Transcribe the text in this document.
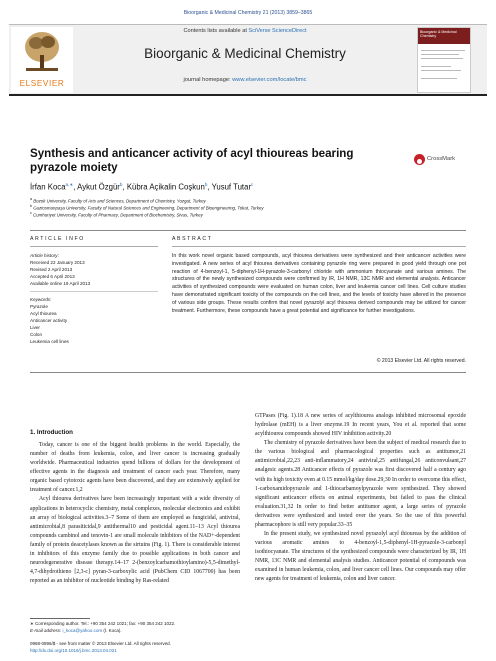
Bioorganic & Medicinal Chemistry 21 (2013) 3859–3865
ELSEVIER
Contents lists available at SciVerse ScienceDirect
Bioorganic & Medicinal Chemistry
journal homepage: www.elsevier.com/locate/bmc
Bioorganic & Medicinal Chemistry
Synthesis and anticancer activity of acyl thioureas bearing pyrazole moiety
CrossMark
İrfan Koca$^{a,∗}$, Aykut Özgür$^b$, Kübra Açikalin Coşkun$^b$, Yusuf Tutar$^c$
$^a$ Bozok University, Faculty of Arts and Sciences, Department of Chemistry, Yozgat, Turkey
$^b$ Gaziosmanpaşa University, Faculty of Natural Sciences and Engineering, Department of Bioengineering, Tokat, Turkey
$^c$ Cumhuriyet University, Faculty of Pharmacy, Department of Biochemistry, Sivas, Turkey
ARTICLE INFO	ABSTRACT
Article history:
Received 22 January 2013
Revised 2 April 2013
Accepted 6 April 2013
Available online 19 April 2013
Keywords:
Pyrazole
Acyl thiourea
Anticancer activity
Liver
Colon
Leukemia cell lines
In this work novel organic based compounds, acyl thiourea derivatives were synthesized and their anticancer activities were investigated. A new series of acyl thiourea derivatives containing pyrazole ring were prepared in good yield through one pot reaction of 4-benzoyl-1, 5-diphenyl-1H-pyrazole-3-carbonyl chloride with ammonium thiocyanate and various amines. The structures of the newly synthesized compounds were confirmed by IR, 1H NMR, 13C NMR and elemental analysis. Anticancer activities of synthesized compounds were evaluated on human colon, liver and leukemia cancer cell lines. Cell culture studies have demonstrated significant toxicity of the compounds on the cell lines, and the levels of toxicity have altered in the presence of various side groups. These results confirm that novel pyrazolyl acyl thiourea derived compounds may be utilized for cancer treatment. Furthermore, these compounds have a great potential and significance for further investigations.
© 2013 Elsevier Ltd. All rights reserved.
1. Introduction

Today, cancer is one of the biggest health problems in the world. Especially, the number of deaths from leukemia, colon, and liver cancer is increasing gradually worldwide. Pharmaceutical industries spend billions of dollars for the development of effective agents in the diagnosis and treatment of cancer each year. Therefore, many organic based cytotoxic agents have been discovered, and they are extensively applied for treatment of cancer.1,2

Acyl thiourea derivatives have been increasingly important with a wide diversity of applications in heterocyclic chemistry, metal complexes, molecular electronics and exhibit an array of biological activities.3–7 Some of them are employed as fungicidal, antiviral, antimicrobial,8 parasiticidal,9 antithermal10 and pesticidal agent.11–13 Acyl thiourea compounds cambinol and tenovin-1 are small molecule inhibitors of the NAD+-dependent family of protein deacetylases known as the sirtuins (Fig. 1). There is considerable interest in inhibitors of this enzyme family due to possible applications in both cancer and neurodegenerative disease therapy.14–17 2-(benzoylcarbamothioylamino)-5,5-dimethyl-4,7-dihydrothieno [2,3-c] pyran-3-carboxylic acid (PubChem CID 1067700) has been reported as an inhibitor of nucleotide binding by Ras-related

GTPases (Fig. 1).18 A new series of acylthiourea analogs inhibited microsomal epoxide hydrolase (mEH) is a liver enzyme.19 In recent years, You et al. reported that some acylthiourea compounds showed HIV inhibition activity.20

The chemistry of pyrazole derivatives have been the subject of medical research due to the various biological and pharmacological properties such as antitumor,21 antimicrobial,22,23 anti-inflammatory,24 antiviral,25 antifungal,26 anticonvulsant,27 analgesic agents.28 Anticancer effects of pyrazole was first discovered half a century ago with its high toxicity even at 0.15 mmol/kg/day dose.29,30 In order to overcome this effect, 1-carboxamidopyrazole and 1-thiocarbamoylpyrazole were synthesized. They showed significant anticancer effects on animal experiments, but failed to pass the clinical evaluation.31,32 In order to find better antitumor agent, a large series of pyrazole derivatives were synthesized and tested over the years. So the use of this powerful pharmacophore is still very popular.33–35

In the present study, we synthesized novel pyrazolyl acyl thioureas by the addition of various aromatic amines to 4-benzoyl-1,5-diphenyl-1H-pyrazole-3-carbonyl isothiocyanate. The structures of the synthesized compounds were characterized by IR, 1H NMR, 13C NMR and elemental analysis studies. Anticancer potential of compounds was examined in human leukemia, colon, and liver cancer cell lines. Our compounds may offer new agents for treatment of leukemia, colon and liver cancer.

∗ Corresponding author. Tel.: +90 354 242 1021; fax: +90 354 242 1022.
E-mail address: i_koca@yahoo.com (İ. Koca).
0968-0896/$ - see front matter © 2013 Elsevier Ltd. All rights reserved.
http://dx.doi.org/10.1016/j.bmc.2013.04.021
